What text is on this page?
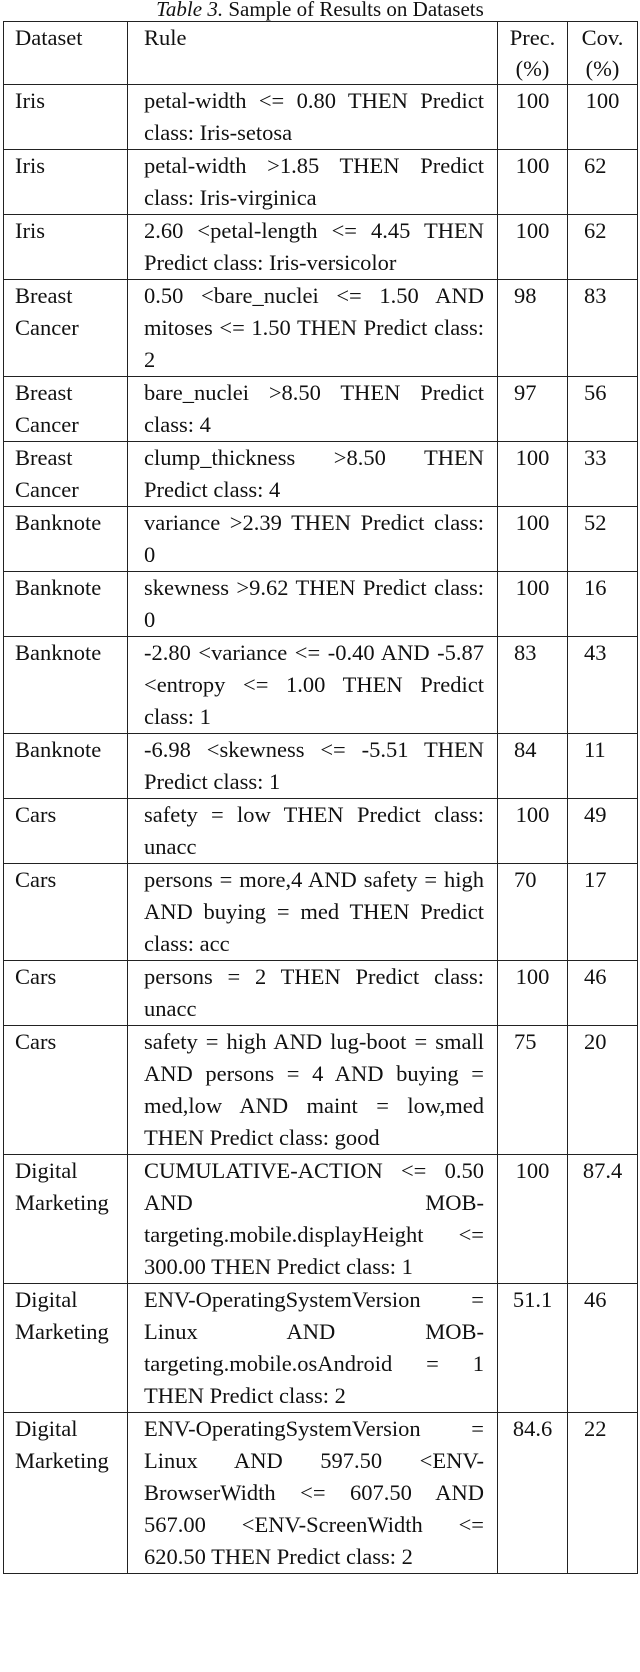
Table 3. Sample of Results on Datasets
Dataset	Rule	Prec. (%)	Cov. (%)
Iris	petal-width <= 0.80 THEN Predict class: Iris-setosa	100	100
Iris	petal-width >1.85 THEN Predict class: Iris-virginica	100	62
Iris	2.60 <petal-length <= 4.45 THEN Predict class: Iris-versicolor	100	62
Breast Cancer	0.50 <bare_nuclei <= 1.50 AND mitoses <= 1.50 THEN Predict class: 2	98	83
Breast Cancer	bare_nuclei >8.50 THEN Predict class: 4	97	56
Breast Cancer	clump_thickness >8.50 THEN Predict class: 4	100	33
Banknote	variance >2.39 THEN Predict class: 0	100	52
Banknote	skewness >9.62 THEN Predict class: 0	100	16
Banknote	-2.80 <variance <= -0.40 AND -5.87 <entropy <= 1.00 THEN Predict class: 1	83	43
Banknote	-6.98 <skewness <= -5.51 THEN Predict class: 1	84	11
Cars	safety = low THEN Predict class: unacc	100	49
Cars	persons = more,4 AND safety = high AND buying = med THEN Predict class: acc	70	17
Cars	persons = 2 THEN Predict class: unacc	100	46
Cars	safety = high AND lug-boot = small AND persons = 4 AND buying = med,low AND maint = low,med THEN Predict class: good	75	20
Digital Marketing	CUMULATIVE-ACTION <= 0.50 AND MOB-targeting.mobile.displayHeight <= 300.00 THEN Predict class: 1	100	87.4
Digital Marketing	ENV-OperatingSystemVersion = Linux AND MOB-targeting.mobile.osAndroid = 1 THEN Predict class: 2	51.1	46
Digital Marketing	ENV-OperatingSystemVersion = Linux AND 597.50 <ENV-BrowserWidth <= 607.50 AND 567.00 <ENV-ScreenWidth <= 620.50 THEN Predict class: 2	84.6	22
